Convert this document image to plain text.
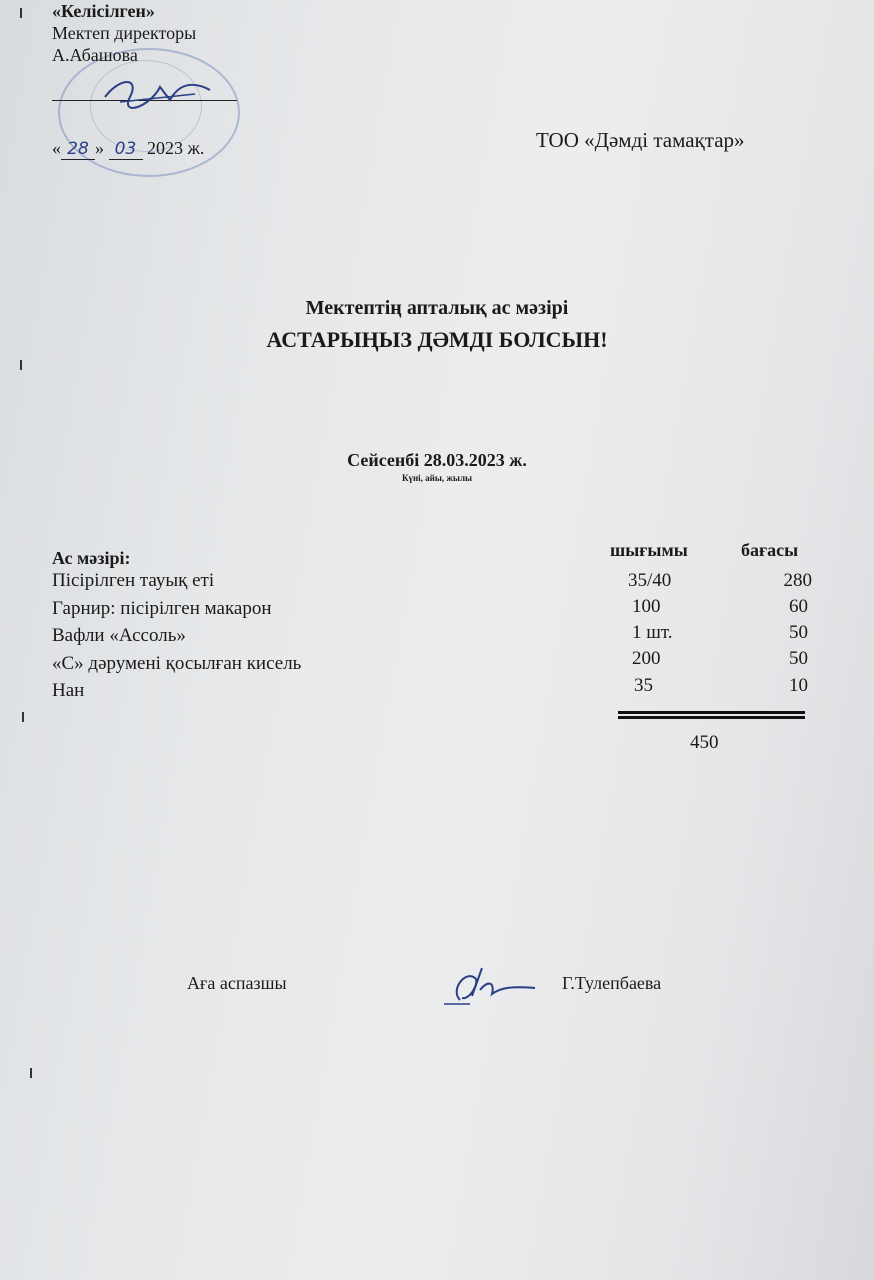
«Келісілген»
Мектеп директоры
А.Абашова
« 28 » 03 2023 ж.	ТОО «Дәмді тамақтар»
Мектептің апталық ас мәзірі
АСТАРЫҢЫЗ ДӘМДІ БОЛСЫН!
Сейсенбі 28.03.2023 ж.
Күні, айы, жылы
Ас мәзірі:	шығымы	бағасы
Пісірілген тауық еті	35/40	280
Гарнир: пісірілген макарон	100	60
Вафли «Ассоль»	1 шт.	50
«С» дәрумені қосылған кисель	200	50
Нан	35	10
450
Аға аспазшы	Г.Тулепбаева
